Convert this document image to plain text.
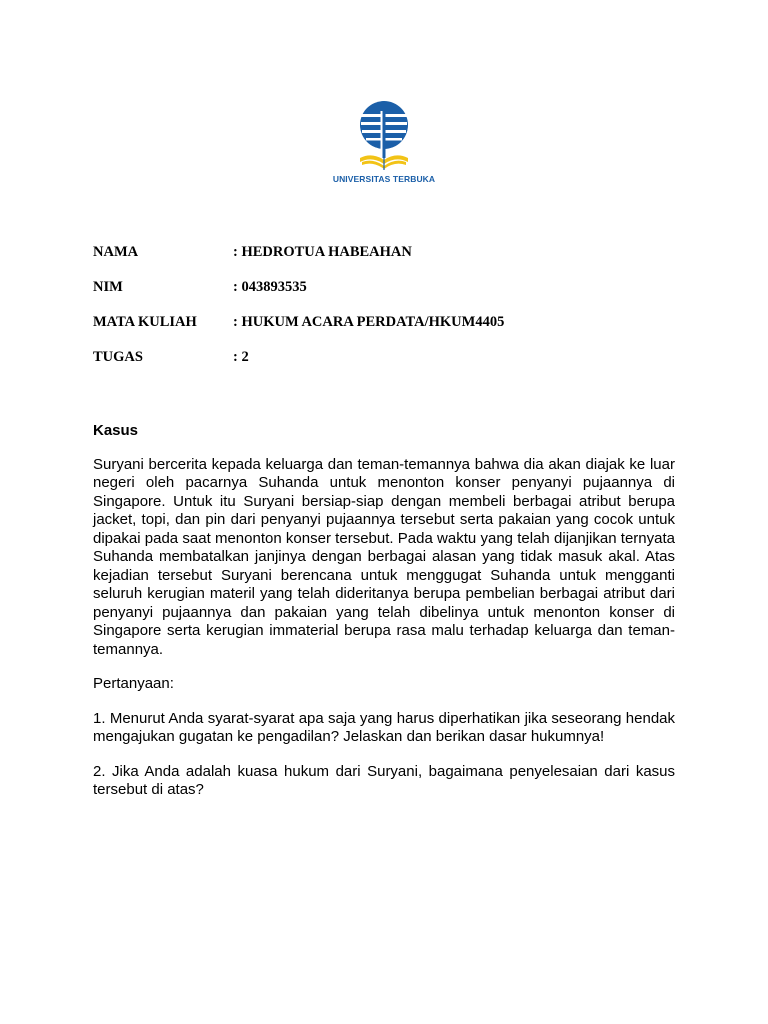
UNIVERSITAS TERBUKA
NAMA	: HEDROTUA HABEAHAN
NIM	: 043893535
MATA KULIAH	: HUKUM ACARA PERDATA/HKUM4405
TUGAS	: 2

Kasus

Suryani bercerita kepada keluarga dan teman-temannya bahwa dia akan diajak ke luar negeri oleh pacarnya Suhanda untuk menonton konser penyanyi pujaannya di Singapore. Untuk itu Suryani bersiap-siap dengan membeli berbagai atribut berupa jacket, topi, dan pin dari penyanyi pujaannya tersebut serta pakaian yang cocok untuk dipakai pada saat menonton konser tersebut. Pada waktu yang telah dijanjikan ternyata Suhanda membatalkan janjinya dengan berbagai alasan yang tidak masuk akal. Atas kejadian tersebut Suryani berencana untuk menggugat Suhanda untuk mengganti seluruh kerugian materil yang telah dideritanya berupa pembelian berbagai atribut dari penyanyi pujaannya dan pakaian yang telah dibelinya untuk menonton konser di Singapore serta kerugian immaterial berupa rasa malu terhadap keluarga dan teman-temannya.

Pertanyaan:

1. Menurut Anda syarat-syarat apa saja yang harus diperhatikan jika seseorang hendak mengajukan gugatan ke pengadilan? Jelaskan dan berikan dasar hukumnya!

2. Jika Anda adalah kuasa hukum dari Suryani, bagaimana penyelesaian dari kasus tersebut di atas?
